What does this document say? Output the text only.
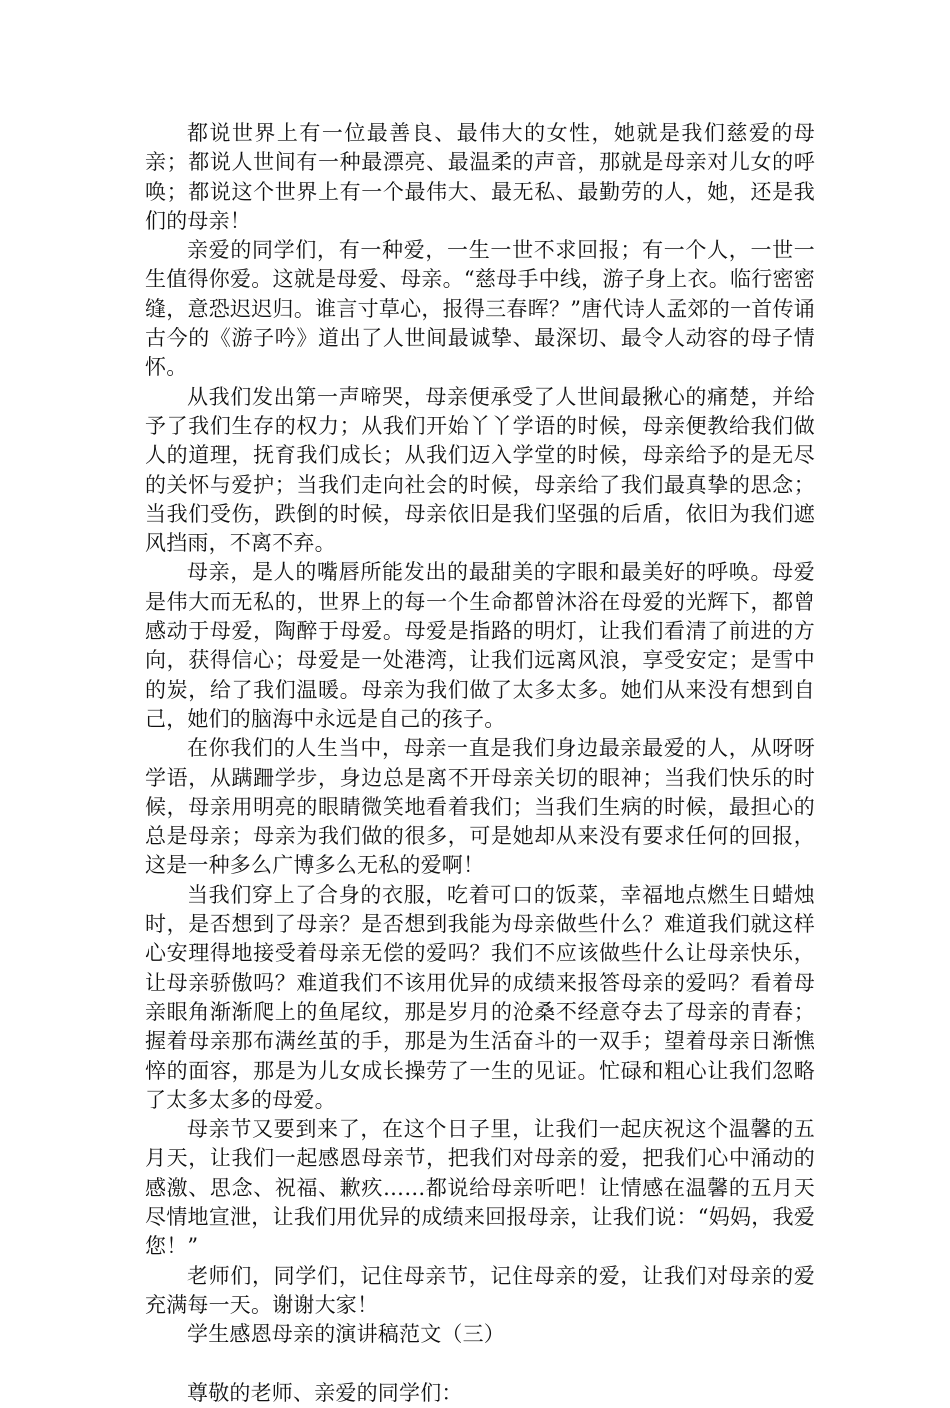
都说世界上有一位最善良、最伟大的女性，她就是我们慈爱的母亲；都说人世间有一种最漂亮、最温柔的声音，那就是母亲对儿女的呼唤；都说这个世界上有一个最伟大、最无私、最勤劳的人，她，还是我们的母亲！

亲爱的同学们，有一种爱，一生一世不求回报；有一个人，一世一生值得你爱。这就是母爱、母亲。“慈母手中线，游子身上衣。临行密密缝，意恐迟迟归。谁言寸草心，报得三春晖？”唐代诗人孟郊的一首传诵古今的《游子吟》道出了人世间最诚挚、最深切、最令人动容的母子情怀。

从我们发出第一声啼哭，母亲便承受了人世间最揪心的痛楚，并给予了我们生存的权力；从我们开始丫丫学语的时候，母亲便教给我们做人的道理，抚育我们成长；从我们迈入学堂的时候，母亲给予的是无尽的关怀与爱护；当我们走向社会的时候，母亲给了我们最真挚的思念；当我们受伤，跌倒的时候，母亲依旧是我们坚强的后盾，依旧为我们遮风挡雨，不离不弃。

母亲，是人的嘴唇所能发出的最甜美的字眼和最美好的呼唤。母爱是伟大而无私的，世界上的每一个生命都曾沐浴在母爱的光辉下，都曾感动于母爱，陶醉于母爱。母爱是指路的明灯，让我们看清了前进的方向，获得信心；母爱是一处港湾，让我们远离风浪，享受安定；是雪中的炭，给了我们温暖。母亲为我们做了太多太多。她们从来没有想到自己，她们的脑海中永远是自己的孩子。

在你我们的人生当中，母亲一直是我们身边最亲最爱的人，从呀呀学语，从蹒跚学步，身边总是离不开母亲关切的眼神；当我们快乐的时候，母亲用明亮的眼睛微笑地看着我们；当我们生病的时候，最担心的总是母亲；母亲为我们做的很多，可是她却从来没有要求任何的回报，这是一种多么广博多么无私的爱啊！

当我们穿上了合身的衣服，吃着可口的饭菜，幸福地点燃生日蜡烛时，是否想到了母亲？是否想到我能为母亲做些什么？难道我们就这样心安理得地接受着母亲无偿的爱吗？我们不应该做些什么让母亲快乐，让母亲骄傲吗？难道我们不该用优异的成绩来报答母亲的爱吗？看着母亲眼角渐渐爬上的鱼尾纹，那是岁月的沧桑不经意夺去了母亲的青春；握着母亲那布满丝茧的手，那是为生活奋斗的一双手；望着母亲日渐憔悴的面容，那是为儿女成长操劳了一生的见证。忙碌和粗心让我们忽略了太多太多的母爱。

母亲节又要到来了，在这个日子里，让我们一起庆祝这个温馨的五月天，让我们一起感恩母亲节，把我们对母亲的爱，把我们心中涌动的感激、思念、祝福、歉疚……都说给母亲听吧！让情感在温馨的五月天尽情地宣泄，让我们用优异的成绩来回报母亲，让我们说：“妈妈，我爱您！”

老师们，同学们，记住母亲节，记住母亲的爱，让我们对母亲的爱充满每一天。谢谢大家！

学生感恩母亲的演讲稿范文（三）

尊敬的老师、亲爱的同学们：
